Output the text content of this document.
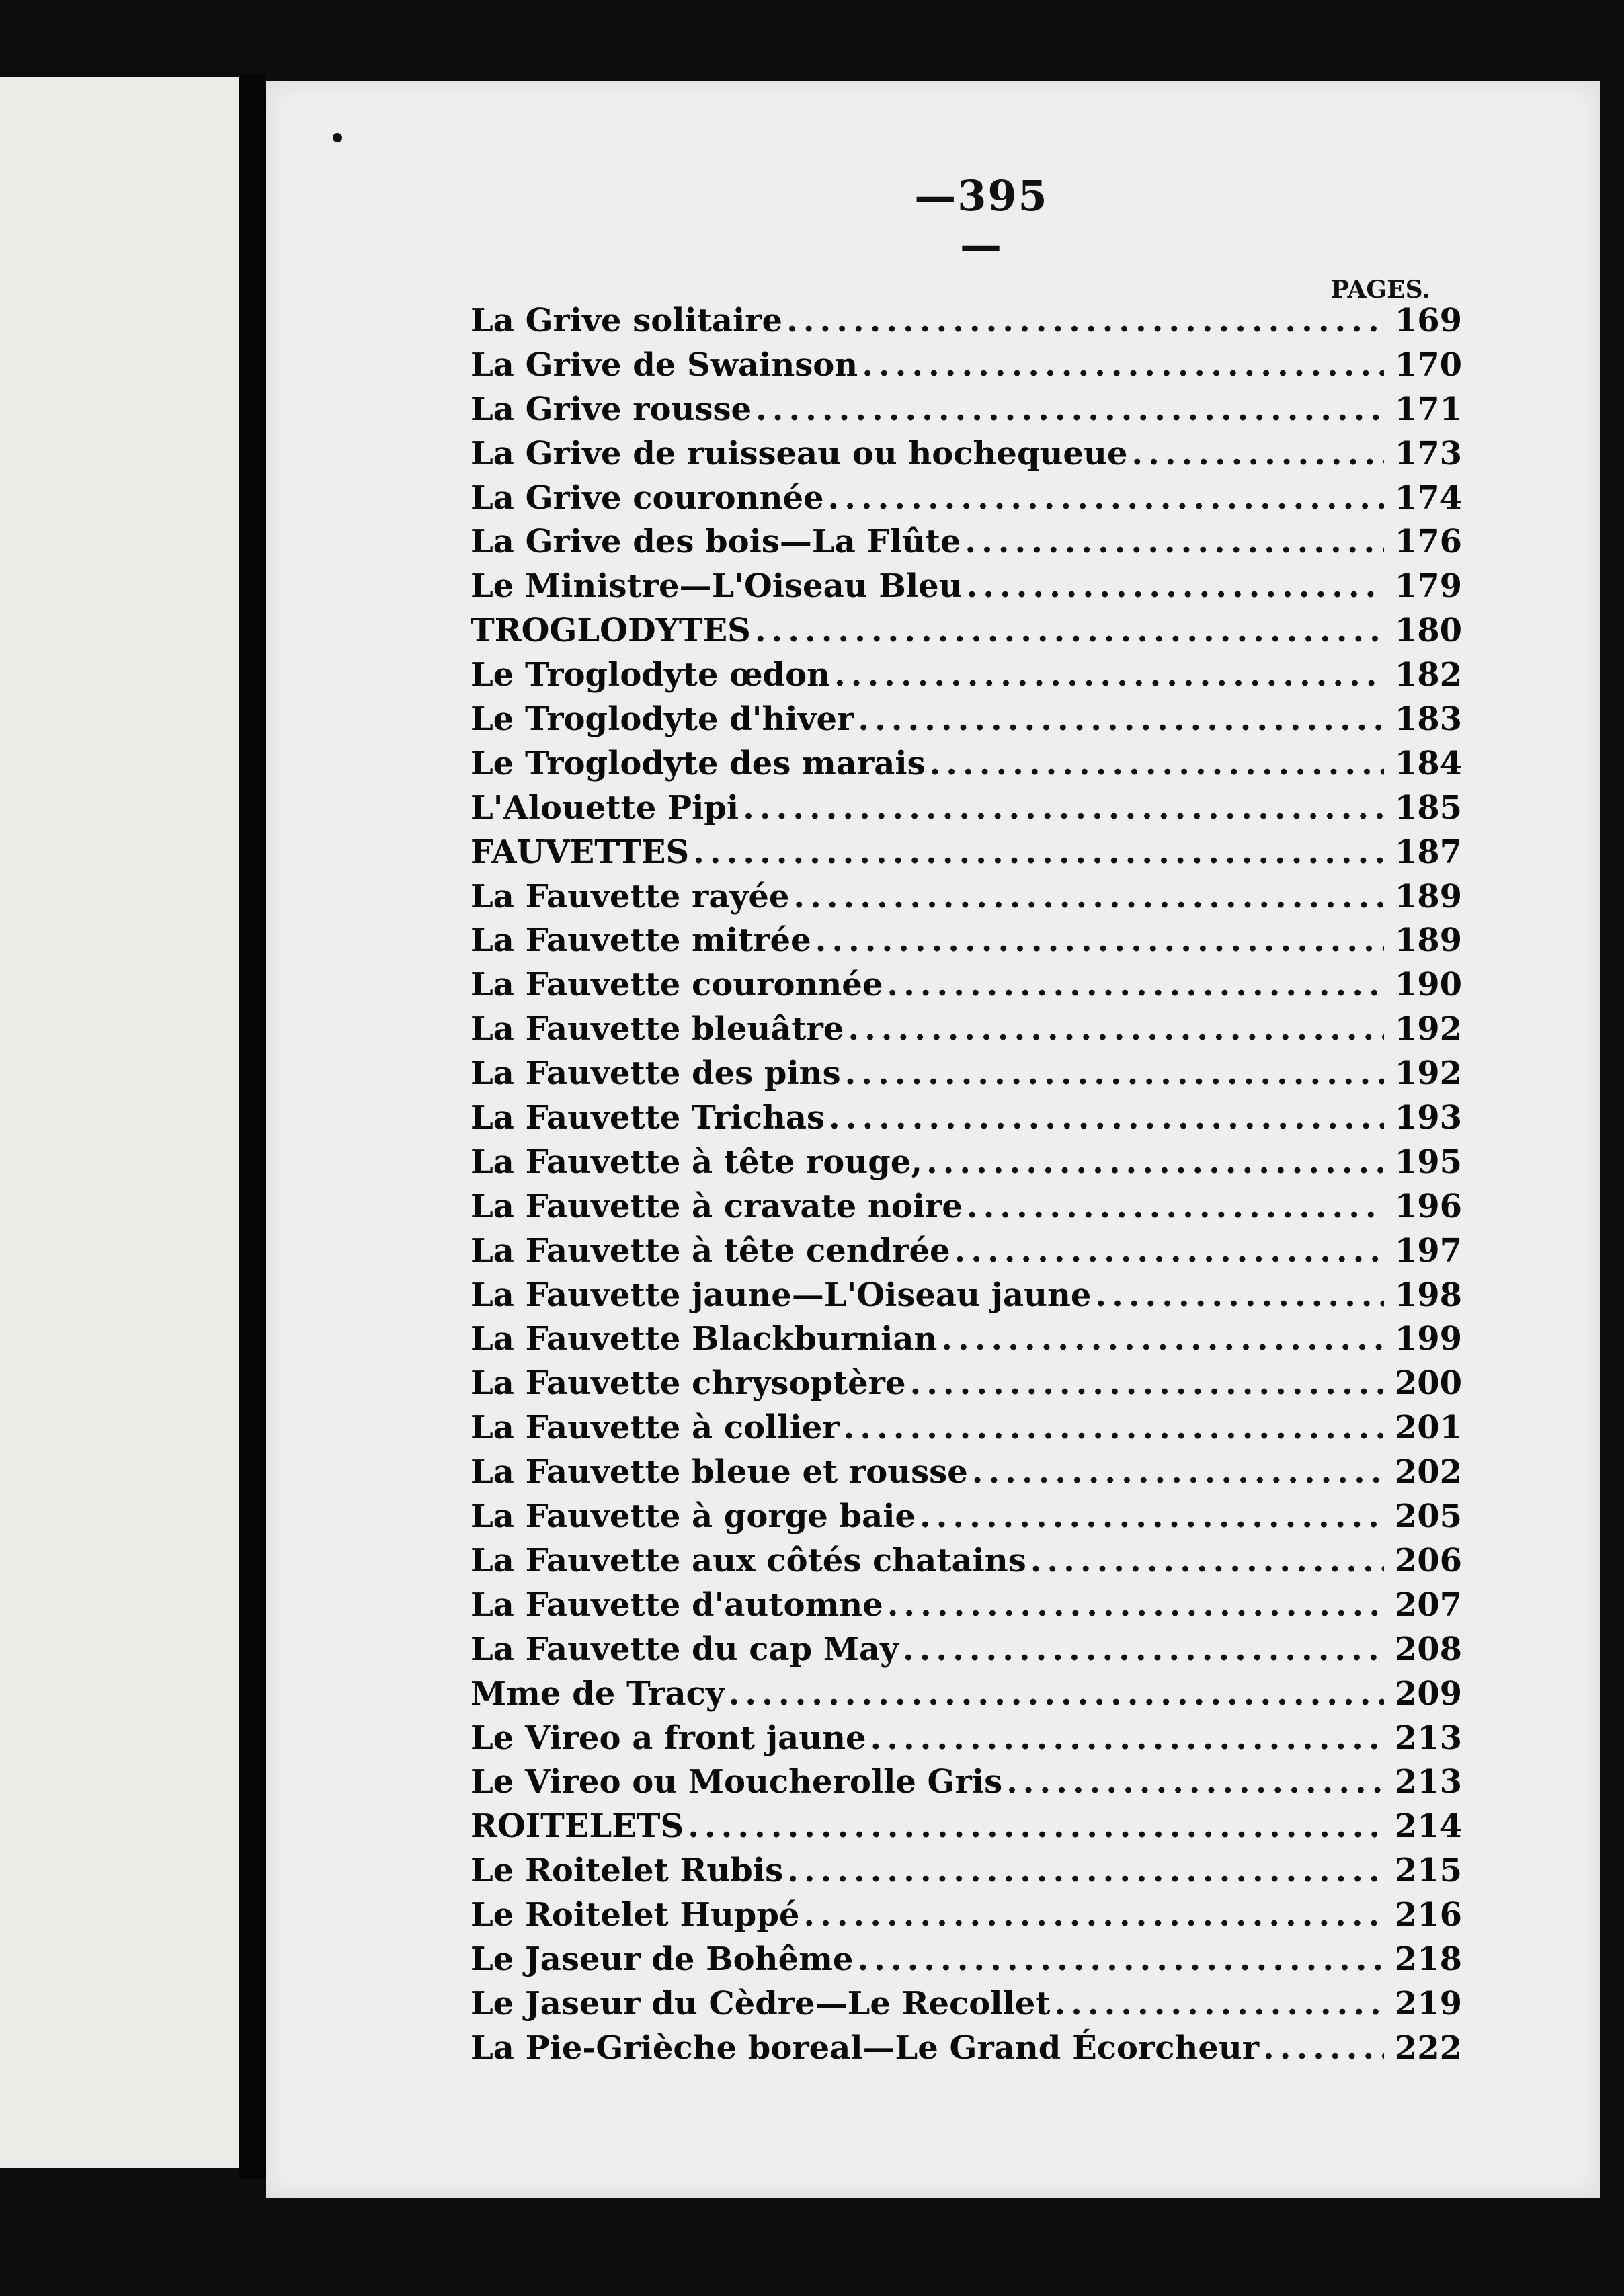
—395—
PAGES.
La Grive solitaire .....	169
La Grive de Swainson .....	170
La Grive rousse .....	171
La Grive de ruisseau ou hochequeue .....	173
La Grive couronnée .....	174
La Grive des bois—La Flûte .....	176
Le Ministre—L'Oiseau Bleu .....	179
TROGLODYTES .....	180
Le Troglodyte œdon .....	182
Le Troglodyte d'hiver .....	183
Le Troglodyte des marais .....	184
L'Alouette Pipi .....	185
FAUVETTES .....	187
La Fauvette rayée .....	189
La Fauvette mitrée .....	189
La Fauvette couronnée .....	190
La Fauvette bleuâtre .....	192
La Fauvette des pins .....	192
La Fauvette Trichas .....	193
La Fauvette à tête rouge, .....	195
La Fauvette à cravate noire .....	196
La Fauvette à tête cendrée .....	197
La Fauvette jaune—L'Oiseau jaune .....	198
La Fauvette Blackburnian .....	199
La Fauvette chrysoptère .....	200
La Fauvette à collier .....	201
La Fauvette bleue et rousse .....	202
La Fauvette à gorge baie .....	205
La Fauvette aux côtés chatains .....	206
La Fauvette d'automne .....	207
La Fauvette du cap May .....	208
Mme de Tracy .....	209
Le Vireo a front jaune .....	213
Le Vireo ou Moucherolle Gris .....	213
ROITELETS .....	214
Le Roitelet Rubis .....	215
Le Roitelet Huppé .....	216
Le Jaseur de Bohême .....	218
Le Jaseur du Cèdre—Le Recollet .....	219
La Pie-Grièche boreal—Le Grand Écorcheur .....	222
